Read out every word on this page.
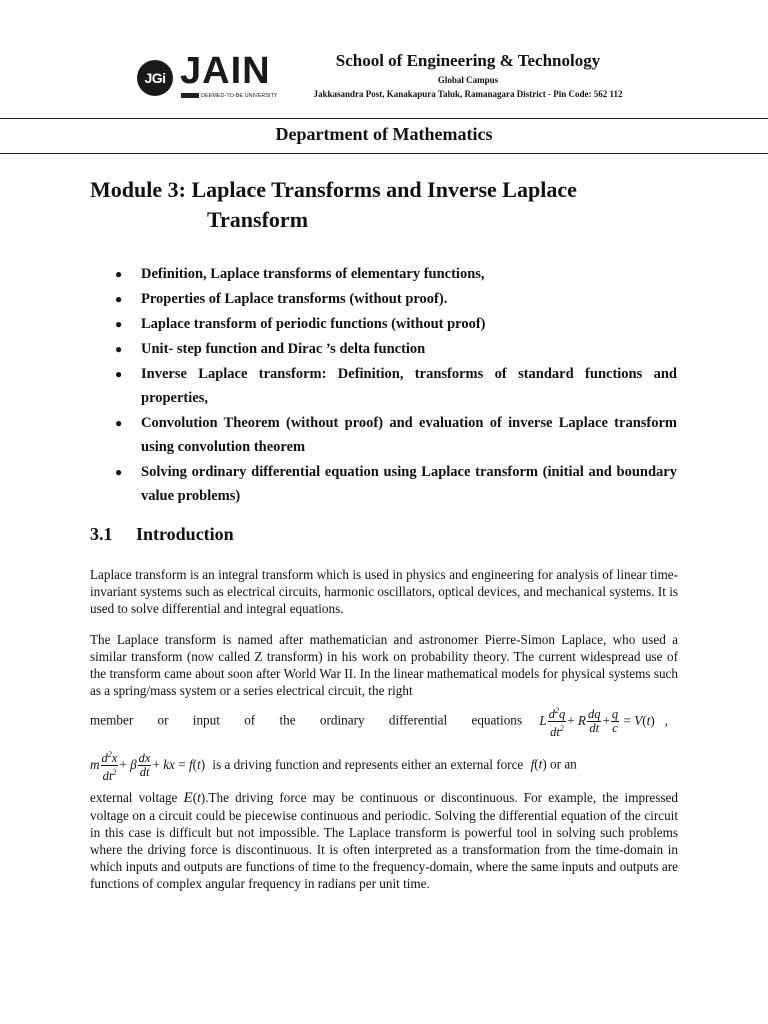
JGi JAIN
DEEMED-TO-BE UNIVERSITY
School of Engineering & Technology
Global Campus
Jakkasandra Post, Kanakapura Taluk, Ramanagara District - Pin Code: 562 112
Department of Mathematics
Module 3: Laplace Transforms and Inverse Laplace
Transform
● Definition, Laplace transforms of elementary functions,
● Properties of Laplace transforms (without proof).
● Laplace transform of periodic functions (without proof)
● Unit- step function and Dirac ’s delta function
● Inverse Laplace transform: Definition, transforms of standard functions and properties,
● Convolution Theorem (without proof) and evaluation of inverse Laplace transform using convolution theorem
● Solving ordinary differential equation using Laplace transform (initial and boundary value problems)
3.1 Introduction

Laplace transform is an integral transform which is used in physics and engineering for analysis of linear time-invariant systems such as electrical circuits, harmonic oscillators, optical devices, and mechanical systems. It is used to solve differential and integral equations.

The Laplace transform is named after mathematician and astronomer Pierre-Simon Laplace, who used a similar transform (now called Z transform) in his work on probability theory. The current widespread use of the transform came about soon after World War II. In the linear mathematical models for physical systems such as a spring/mass system or a series electrical circuit, the right

member or input of the ordinary differential equations L $\frac{d^2q}{dt^2} + R \frac{dq}{dt} + \frac{q}{c} = V(t)$   ,
m $\frac{d^2x}{dt^2} + \beta \frac{dx}{dt}$ + kx = f(t) is a driving function and represents either an external force f(t) or an

external voltage E(t).The driving force may be continuous or discontinuous. For example, the impressed voltage on a circuit could be piecewise continuous and periodic. Solving the differential equation of the circuit in this case is difficult but not impossible. The Laplace transform is powerful tool in solving such problems where the driving force is discontinuous. It is often interpreted as a transformation from the time-domain in which inputs and outputs are functions of time to the frequency-domain, where the same inputs and outputs are functions of complex angular frequency in radians per unit time.
